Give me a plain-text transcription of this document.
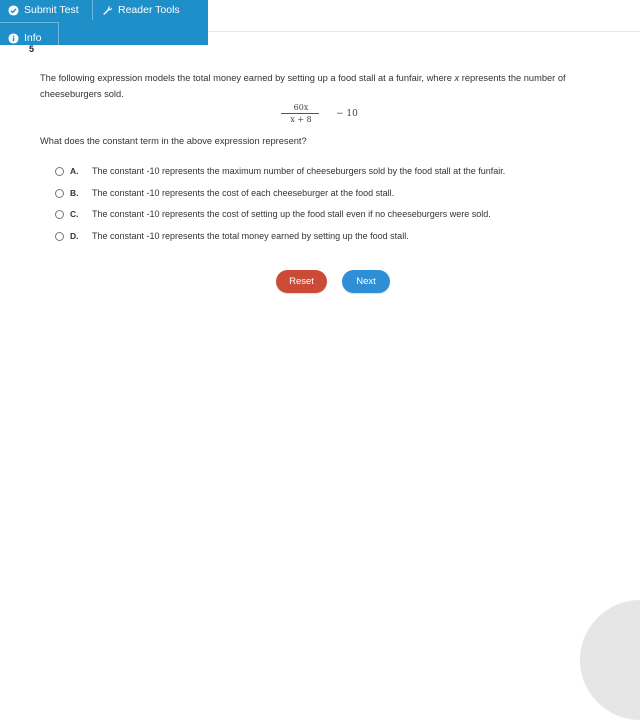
Submit Test	Reader Tools
Info
5
The following expression models the total money earned by setting up a food stall at a funfair, where x represents the number of cheeseburgers sold.
60x
x + 8
− 10
What does the constant term in the above expression represent?
A.	The constant -10 represents the maximum number of cheeseburgers sold by the food stall at the funfair.
B.	The constant -10 represents the cost of each cheeseburger at the food stall.
C.	The constant -10 represents the cost of setting up the food stall even if no cheeseburgers were sold.
D.	The constant -10 represents the total money earned by setting up the food stall.
Reset	Next
